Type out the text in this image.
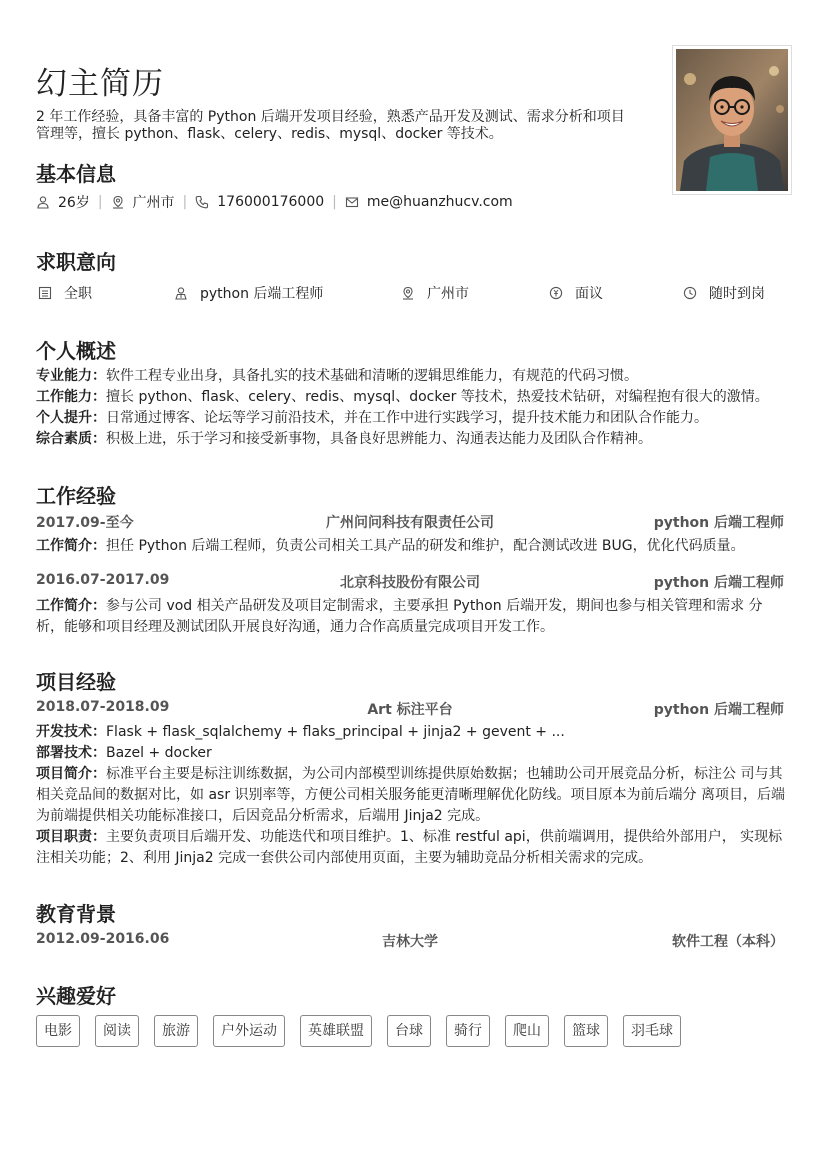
幻主简历

2 年工作经验，具备丰富的 Python 后端开发项目经验，熟悉产品开发及测试、需求分析和项目管理等，擅长 python、flask、celery、redis、mysql、docker 等技术。

基本信息
26岁 | 广州市 | 176000176000 | me@huanzhucv.com
求职意向
全职	python 后端工程师	广州市	面议	随时到岗
个人概述
专业能力：软件工程专业出身，具备扎实的技术基础和清晰的逻辑思维能力，有规范的代码习惯。
工作能力：擅长 python、flask、celery、redis、mysql、docker 等技术，热爱技术钻研，对编程抱有很大的激情。
个人提升：日常通过博客、论坛等学习前沿技术，并在工作中进行实践学习，提升技术能力和团队合作能力。
综合素质：积极上进，乐于学习和接受新事物，具备良好思辨能力、沟通表达能力及团队合作精神。
工作经验
2017.09-至今	广州问问科技有限责任公司	python 后端工程师
工作简介：担任 Python 后端工程师，负责公司相关工具产品的研发和维护，配合测试改进 BUG，优化代码质量。
2016.07-2017.09	北京科技股份有限公司	python 后端工程师
工作简介：参与公司 vod 相关产品研发及项目定制需求，主要承担 Python 后端开发，期间也参与相关管理和需求 分析，能够和项目经理及测试团队开展良好沟通，通力合作高质量完成项目开发工作。
项目经验
2018.07-2018.09	Art 标注平台	python 后端工程师
开发技术：Flask + flask_sqlalchemy + flaks_principal + jinja2 + gevent + ...
部署技术：Bazel + docker
项目简介：标准平台主要是标注训练数据，为公司内部模型训练提供原始数据；也辅助公司开展竞品分析，标注公 司与其相关竞品间的数据对比，如 asr 识别率等，方便公司相关服务能更清晰理解优化防线。项目原本为前后端分 离项目，后端为前端提供相关功能标准接口，后因竞品分析需求，后端用 Jinja2 完成。
项目职责：主要负责项目后端开发、功能迭代和项目维护。1、标准 restful api，供前端调用，提供给外部用户， 实现标注相关功能；2、利用 Jinja2 完成一套供公司内部使用页面，主要为辅助竞品分析相关需求的完成。
教育背景
2012.09-2016.06	吉林大学	软件工程（本科）
兴趣爱好
电影	阅读	旅游	户外运动	英雄联盟	台球	骑行	爬山	篮球	羽毛球
